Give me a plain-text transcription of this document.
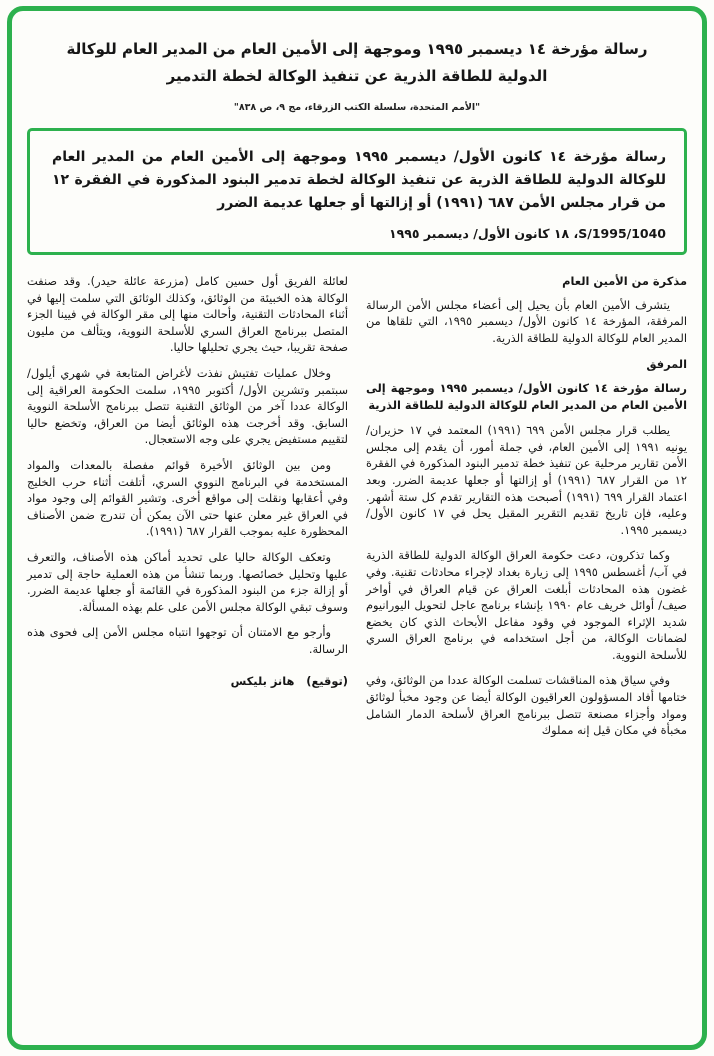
رسالة مؤرخة ١٤ ديسمبر ١٩٩٥ وموجهة إلى الأمين العام من المدير العام للوكالة
الدولية للطاقة الذرية عن تنفيذ الوكالة لخطة التدمير
"الأمم المتحدة، سلسلة الكتب الزرقاء، مج ٩، ص ٨٣٨"
رسالة مؤرخة ١٤ كانون الأول/ ديسمبر ١٩٩٥ وموجهة إلى الأمين العام من المدير العام للوكالة الدولية للطاقة الذرية عن تنفيذ الوكالة لخطة تدمير البنود المذكورة في الفقرة ١٢ من قرار مجلس الأمن ٦٨٧ (١٩٩١) أو إزالتها أو جعلها عديمة الضرر
S/1995/1040، ١٨ كانون الأول/ ديسمبر ١٩٩٥
مذكرة من الأمين العام

يتشرف الأمين العام بأن يحيل إلى أعضاء مجلس الأمن الرسالة المرفقة، المؤرخة ١٤ كانون الأول/ ديسمبر ١٩٩٥، التي تلقاها من المدير العام للوكالة الدولية للطاقة الذرية.

المرفق

رسالة مؤرخة ١٤ كانون الأول/ ديسمبر ١٩٩٥ وموجهة إلى الأمين العام من المدير العام للوكالة الدولية للطاقة الذرية

يطلب قرار مجلس الأمن ٦٩٩ (١٩٩١) المعتمد في ١٧ حزيران/ يونيه ١٩٩١ إلى الأمين العام، في جملة أمور، أن يقدم إلى مجلس الأمن تقارير مرحلية عن تنفيذ خطة تدمير البنود المذكورة في الفقرة ١٢ من القرار ٦٨٧ (١٩٩١) أو إزالتها أو جعلها عديمة الضرر. وبعد اعتماد القرار ٦٩٩ (١٩٩١) أصبحت هذه التقارير تقدم كل ستة أشهر. وعليه، فإن تاريخ تقديم التقرير المقبل يحل في ١٧ كانون الأول/ ديسمبر ١٩٩٥.

وكما تذكرون، دعت حكومة العراق الوكالة الدولية للطاقة الذرية في آب/ أغسطس ١٩٩٥ إلى زيارة بغداد لإجراء محادثات تقنية. وفي غضون هذه المحادثات أبلغت العراق عن قيام العراق في أواخر صيف/ أوائل خريف عام ١٩٩٠ بإنشاء برنامج عاجل لتحويل اليورانيوم شديد الإثراء الموجود في وقود مفاعل الأبحاث الذي كان يخضع لضمانات الوكالة، من أجل استخدامه في برنامج العراق السري للأسلحة النووية.

وفي سياق هذه المناقشات تسلمت الوكالة عددا من الوثائق، وفي ختامها أفاد المسؤولون العراقيون الوكالة أيضا عن وجود مخبأ لوثائق ومواد وأجزاء مصنعة تتصل ببرنامج العراق لأسلحة الدمار الشامل مخبأة في مكان قيل إنه مملوك

لعائلة الفريق أول حسين كامل (مزرعة عائلة حيدر). وقد صنفت الوكالة هذه الخبيئة من الوثائق، وكذلك الوثائق التي سلمت إليها في أثناء المحادثات التقنية، وأحالت منها إلى مقر الوكالة في فيينا الجزء المتصل ببرنامج العراق السري للأسلحة النووية، ويتألف من مليون صفحة تقريبا، حيث يجري تحليلها حاليا.

وخلال عمليات تفتيش نفذت لأغراض المتابعة في شهري أيلول/ سبتمبر وتشرين الأول/ أكتوبر ١٩٩٥، سلمت الحكومة العراقية إلى الوكالة عددا آخر من الوثائق التقنية تتصل ببرنامج الأسلحة النووية السابق. وقد أخرجت هذه الوثائق أيضا من العراق، وتخضع حاليا لتقييم مستفيض يجري على وجه الاستعجال.

ومن بين الوثائق الأخيرة قوائم مفصلة بالمعدات والمواد المستخدمة في البرنامج النووي السري، أتلفت أثناء حرب الخليج وفي أعقابها ونقلت إلى مواقع أخرى. وتشير القوائم إلى وجود مواد في العراق غير معلن عنها حتى الآن يمكن أن تندرج ضمن الأصناف المحظورة عليه بموجب القرار ٦٨٧ (١٩٩١).

وتعكف الوكالة حاليا على تحديد أماكن هذه الأصناف، والتعرف عليها وتحليل خصائصها. وربما تنشأ من هذه العملية حاجة إلى تدمير أو إزالة جزء من البنود المذكورة في القائمة أو جعلها عديمة الضرر. وسوف تبقي الوكالة مجلس الأمن على علم بهذه المسألة.

وأرجو مع الامتنان أن توجهوا انتباه مجلس الأمن إلى فحوى هذه الرسالة.

(توقيع)   هانز بليكس
